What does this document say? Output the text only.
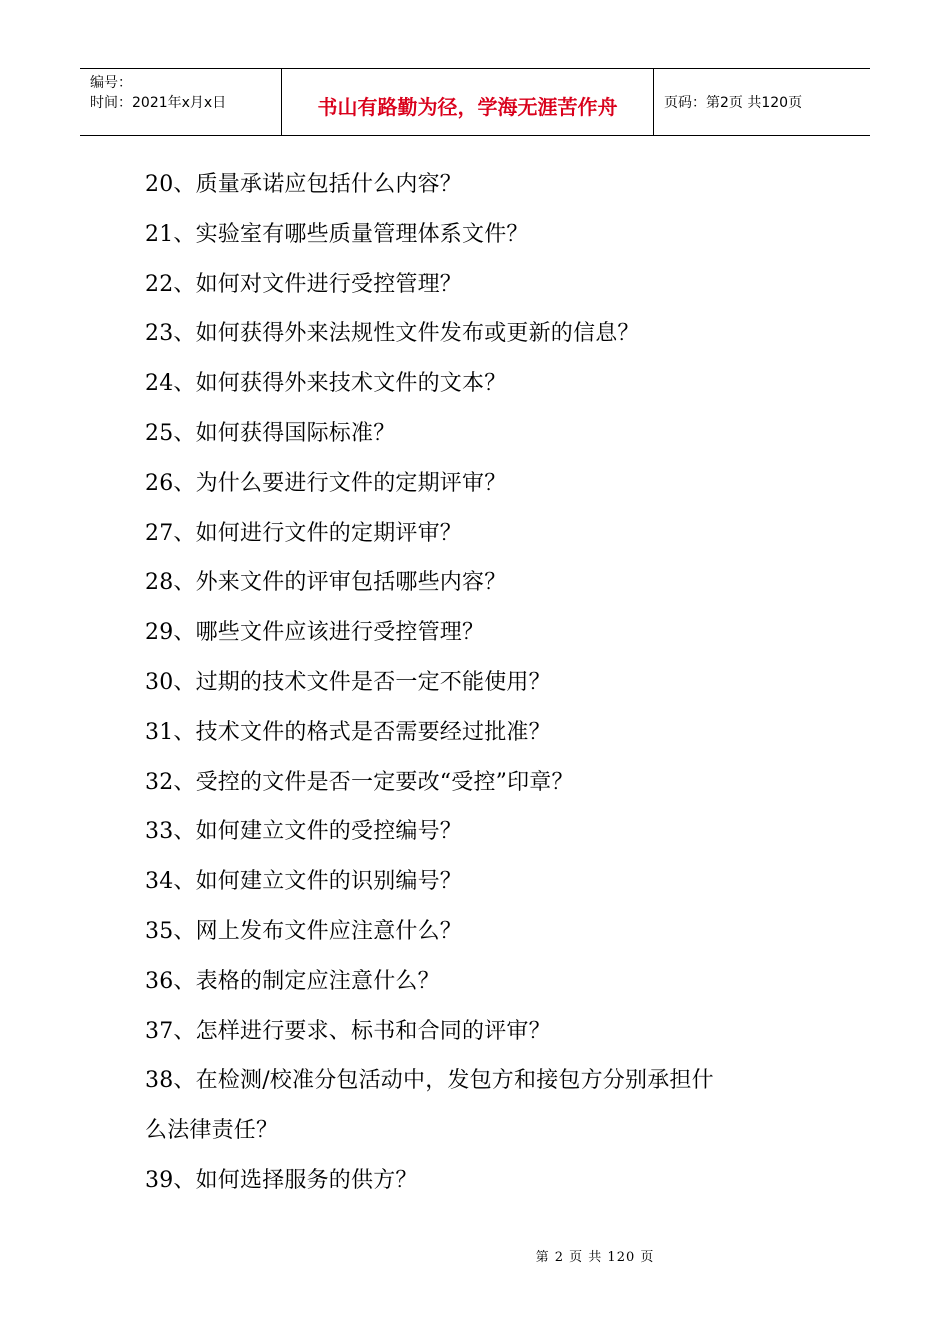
编号：
时间：2021年x月x日	书山有路勤为径，学海无涯苦作舟	页码：第2页 共120页
20、质量承诺应包括什么内容？
21、实验室有哪些质量管理体系文件？
22、如何对文件进行受控管理？
23、如何获得外来法规性文件发布或更新的信息？
24、如何获得外来技术文件的文本？
25、如何获得国际标准？
26、为什么要进行文件的定期评审？
27、如何进行文件的定期评审？
28、外来文件的评审包括哪些内容？
29、哪些文件应该进行受控管理？
30、过期的技术文件是否一定不能使用？
31、技术文件的格式是否需要经过批准？
32、受控的文件是否一定要改“受控”印章？
33、如何建立文件的受控编号？
34、如何建立文件的识别编号？
35、网上发布文件应注意什么？
36、表格的制定应注意什么？
37、怎样进行要求、标书和合同的评审？
38、在检测/校准分包活动中，发包方和接包方分别承担什
么法律责任？
39、如何选择服务的供方？
第 2 页 共 120 页
